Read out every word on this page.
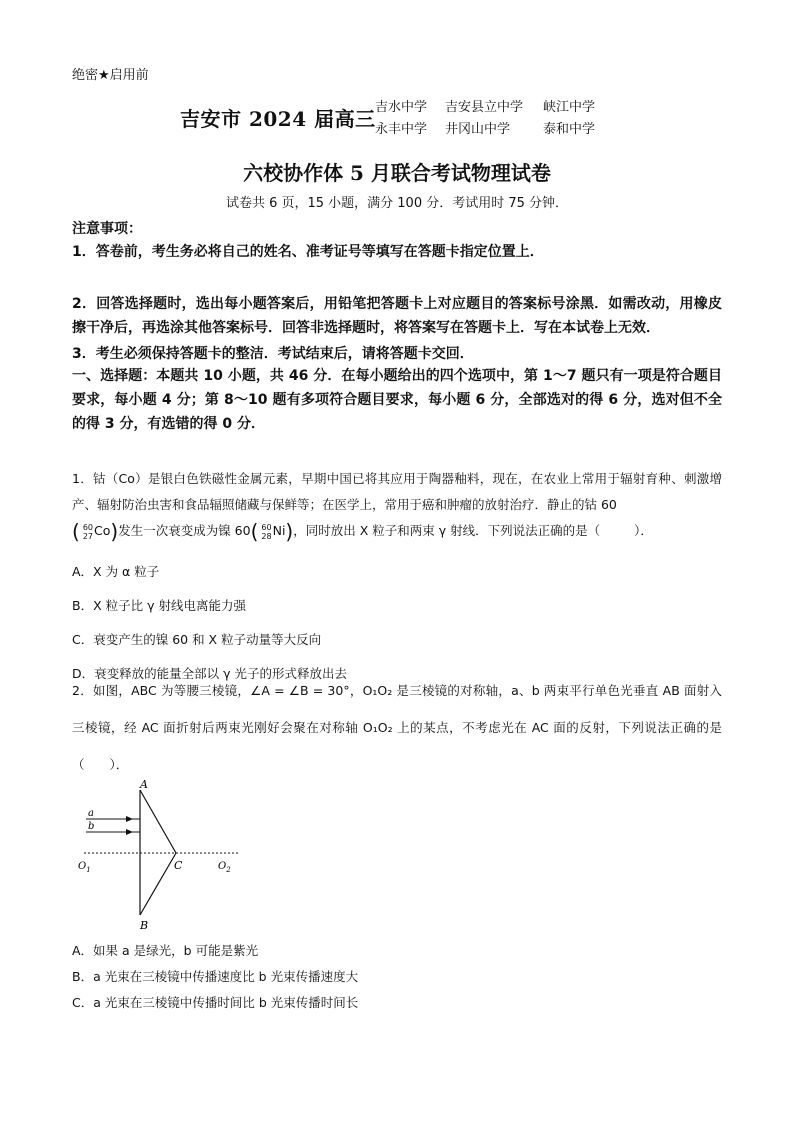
绝密★启用前
吉安市 2024 届高三 吉水中学	吉安县立中学	峡江中学
永丰中学	井冈山中学	泰和中学
六校协作体 5 月联合考试物理试卷
试卷共 6 页，15 小题，满分 100 分．考试用时 75 分钟．
注意事项：
1．答卷前，考生务必将自己的姓名、准考证号等填写在答题卡指定位置上．
2．回答选择题时，选出每小题答案后，用铅笔把答题卡上对应题目的答案标号涂黑．如需改动，用橡皮擦干净后，再选涂其他答案标号．回答非选择题时，将答案写在答题卡上．写在本试卷上无效．
3．考生必须保持答题卡的整洁．考试结束后，请将答题卡交回．
一、选择题：本题共 10 小题，共 46 分．在每小题给出的四个选项中，第 1～7 题只有一项是符合题目要求，每小题 4 分；第 8～10 题有多项符合题目要求，每小题 6 分，全部选对的得 6 分，选对但不全的得 3 分，有选错的得 0 分．
1．钴（Co）是银白色铁磁性金属元素，早期中国已将其应用于陶器釉料，现在，在农业上常用于辐射育种、刺激增产、辐射防治虫害和食品辐照储藏与保鲜等；在医学上，常用于癌和肿瘤的放射治疗．静止的钴 60
( 60
27Co)发生一次衰变成为镍 60( 60
28Ni)，同时放出 X 粒子和两束 γ 射线．下列说法正确的是（	）．
A．X 为 α 粒子
B．X 粒子比 γ 射线电离能力强
C．衰变产生的镍 60 和 X 粒子动量等大反向
D．衰变释放的能量全部以 γ 光子的形式释放出去
2．如图，ABC 为等腰三棱镜，∠A = ∠B = 30°，O₁O₂ 是三棱镜的对称轴，a、b 两束平行单色光垂直 AB 面射入三棱镜，经 AC 面折射后两束光刚好会聚在对称轴 O₁O₂ 上的某点，不考虑光在 AC 面的反射，下列说法正确的是（　　）．
A
B
C
a
b
$O_1$	$O_2$
A．如果 a 是绿光，b 可能是紫光
B．a 光束在三棱镜中传播速度比 b 光束传播速度大
C．a 光束在三棱镜中传播时间比 b 光束传播时间长
